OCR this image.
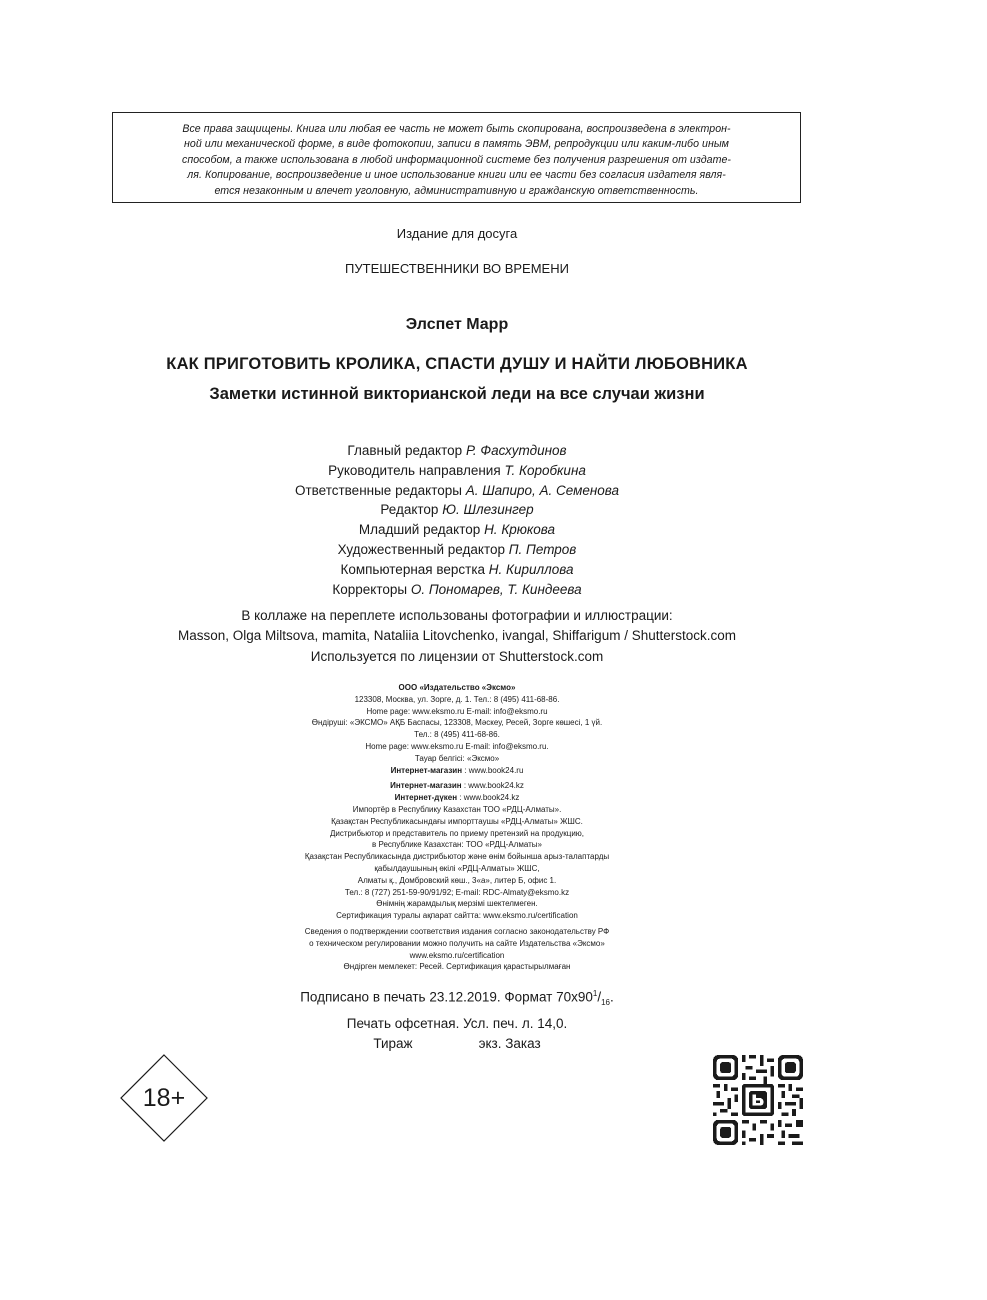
Все права защищены. Книга или любая ее часть не может быть скопирована, воспроизведена в электрон-
ной или механической форме, в виде фотокопии, записи в память ЭВМ, репродукции или каким-либо иным
способом, а также использована в любой информационной системе без получения разрешения от издате-
ля. Копирование, воспроизведение и иное использование книги или ее части без согласия издателя явля-
ется незаконным и влечет уголовную, административную и гражданскую ответственность.
Издание для досуга
ПУТЕШЕСТВЕННИКИ ВО ВРЕМЕНИ
Элспет Марр
КАК ПРИГОТОВИТЬ КРОЛИКА, СПАСТИ ДУШУ И НАЙТИ ЛЮБОВНИКА
Заметки истинной викторианской леди на все случаи жизни
Главный редактор Р. Фасхутдинов
Руководитель направления Т. Коробкина
Ответственные редакторы А. Шапиро, А. Семенова
Редактор Ю. Шлезингер
Младший редактор Н. Крюкова
Художественный редактор П. Петров
Компьютерная верстка Н. Кириллова
Корректоры О. Пономарев, Т. Киндеева
В коллаже на переплете использованы фотографии и иллюстрации:
Masson, Olga Miltsova, mamita, Nataliia Litovchenko, ivangal, Shiffarigum / Shutterstock.com
Используется по лицензии от Shutterstock.com
ООО «Издательство «Эксмо»
123308, Москва, ул. Зорге, д. 1. Тел.: 8 (495) 411-68-86.
Home page: www.eksmo.ru E-mail: info@eksmo.ru
Өндіруші: «ЭКСМО» АҚБ Баспасы, 123308, Мәскеу, Ресей, Зорге көшесі, 1 үй.
Тел.: 8 (495) 411-68-86.
Home page: www.eksmo.ru E-mail: info@eksmo.ru.
Тауар белгісі: «Эксмо»
Интернет-магазин : www.book24.ru
Интернет-магазин : www.book24.kz
Интернет-дүкен : www.book24.kz
Импортёр в Республику Казахстан ТОО «РДЦ-Алматы».
Қазақстан Республикасындағы импорттаушы «РДЦ-Алматы» ЖШС.
Дистрибьютор и представитель по приему претензий на продукцию,
в Республике Казахстан: ТОО «РДЦ-Алматы»
Қазақстан Республикасында дистрибьютор және өнім бойынша арыз-талаптарды
қабылдаушының өкілі «РДЦ-Алматы» ЖШС,
Алматы қ., Домбровский көш., 3«а», литер Б, офис 1.
Тел.: 8 (727) 251-59-90/91/92; E-mail: RDC-Almaty@eksmo.kz
Өнімнің жарамдылық мерзімі шектелмеген.
Сертификация туралы ақпарат сайтта: www.eksmo.ru/certification
Сведения о подтверждении соответствия издания согласно законодательству РФ
о техническом регулировании можно получить на сайте Издательства «Эксмо»
www.eksmo.ru/certification
Өндірген мемлекет: Ресей. Сертификация қарастырылмаған
Подписано в печать 23.12.2019. Формат $70x90^1/_{16}$.
Печать офсетная. Усл. печ. л. 14,0.
Тираж	экз. Заказ
18+
